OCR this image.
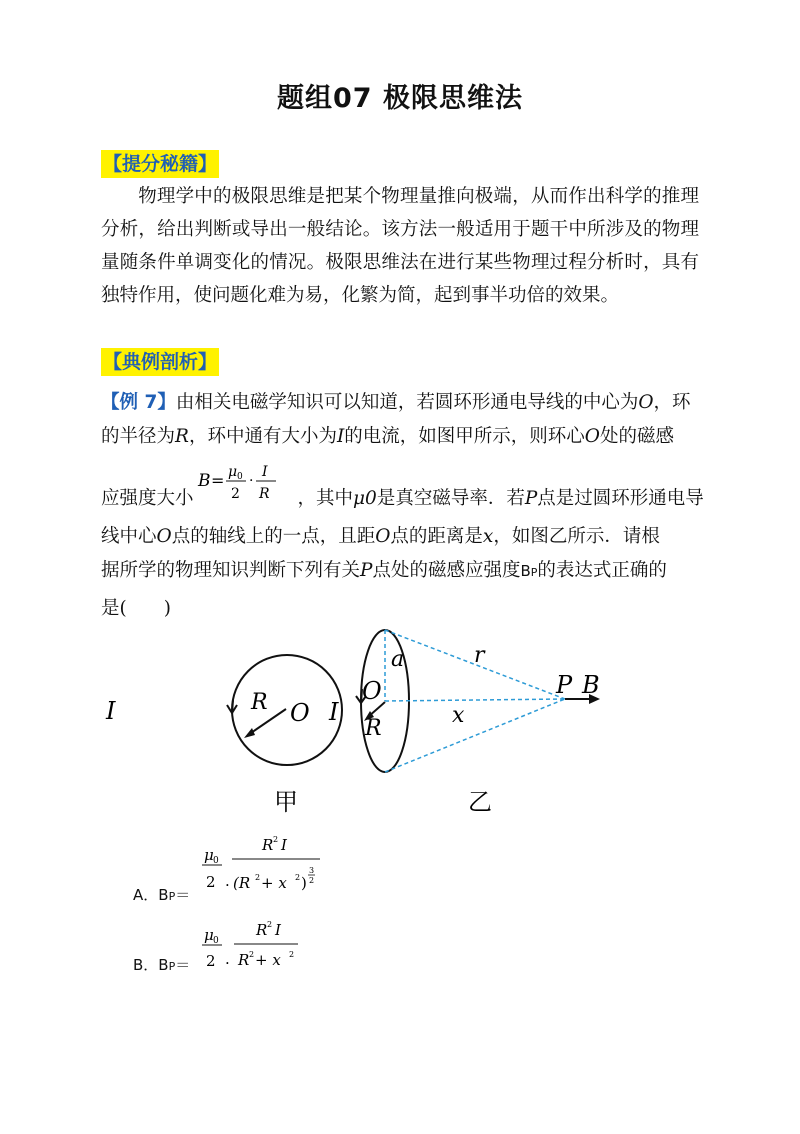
题组07 极限思维法
【提分秘籍】
物理学中的极限思维是把某个物理量推向极端，从而作出科学的推理分析，给出判断或导出一般结论。该方法一般适用于题干中所涉及的物理量随条件单调变化的情况。极限思维法在进行某些物理过程分析时，具有独特作用，使问题化难为易，化繁为简，起到事半功倍的效果。
【典例剖析】
【例 7】由相关电磁学知识可以知道，若圆环形通电导线的中心为O，环
的半径为R，环中通有大小为I的电流，如图甲所示，则环心O处的磁感
应强度大小	，其中μ0是真空磁导率．若P点是过圆环形通电导
B = μ 0
2
·
I
R
线中心O点的轴线上的一点，且距O点的距离是x，如图乙所示．请根
据所学的物理知识判断下列有关P点处的磁感应强度BP的表达式正确的
是(　　)
I	R O
甲
a	r
O	P B
I	x
R
乙
A．BP＝
μ 0
2 ·
R 2 I
(R 2 + x 2 )
3
2
B．BP＝
μ 0
2 ·
R 2 I
R 2 + x 2
